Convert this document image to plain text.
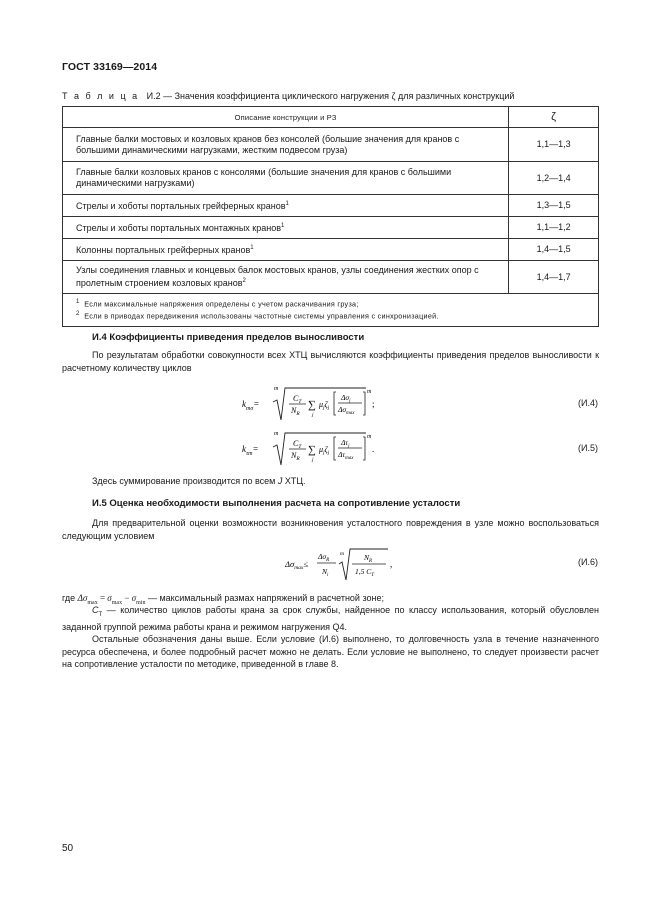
ГОСТ 33169—2014
Т а б л и ц а И.2 — Значения коэффициента циклического нагружения ζ для различных конструкций
Описание конструкции и РЗ	ζ
Главные балки мостовых и козловых кранов без консолей (большие значения для кранов с большими динамическими нагрузками, жестким подвесом груза)	1,1—1,3
Главные балки козловых кранов с консолями (большие значения для кранов с большими динамическими нагрузками)	1,2—1,4
Стрелы и хоботы портальных грейферных кранов$^1$	1,3—1,5
Стрелы и хоботы портальных монтажных кранов$^1$	1,1—1,2
Колонны портальных грейферных кранов$^1$	1,4—1,5
Узлы соединения главных и концевых балок мостовых кранов, узлы соединения жестких опор с пролетным строением козловых кранов$^2$	1,4—1,7

$^1$ Если максимальные напряжения определены с учетом раскачивания груза;
$^2$ Если в приводах передвижения использованы частотные системы управления с синхронизацией.	
И.4 Коэффициенты приведения пределов выносливости
По результатам обработки совокупности всех ХТЦ вычисляются коэффициенты приведения пределов выносливости к расчетному количеству циклов
$k_{m\sigma}=$
m
$C_T$
$N_R$
∑
j
$\mu_j\zeta_j$
$\Delta\sigma_j$
$\Delta\sigma_{max}$
m
;	(И.4)
$k_{\tau m}=$
m
$C_T$
$N_R$
∑
j
$\mu_j\zeta_j$
$\Delta\tau_j$
$\Delta\tau_{max}$
m
.	(И.5)
Здесь суммирование производится по всем J ХТЦ.
И.5 Оценка необходимости выполнения расчета на сопротивление усталости
Для предварительной оценки возможности возникновения усталостного повреждения в узле можно воспользоваться следующим условием
$\Delta\sigma_{max}\le$
$\Delta\sigma_R$
$N_i$
m	$N_R$
1,5 $C_T$
,	(И.6)
где $\Delta\sigma_{max} = \sigma_{max} - \sigma_{min}$ — максимальный размах напряжений в расчетной зоне;
$C_T$ — количество циклов работы крана за срок службы, найденное по классу использования, который обусловлен заданной группой режима работы крана и режимом нагружения Q4.
Остальные обозначения даны выше. Если условие (И.6) выполнено, то долговечность узла в течение назначенного ресурса обеспечена, и более подробный расчет можно не делать. Если условие не выполнено, то следует произвести расчет на сопротивление усталости по методике, приведенной в главе 8.
50
